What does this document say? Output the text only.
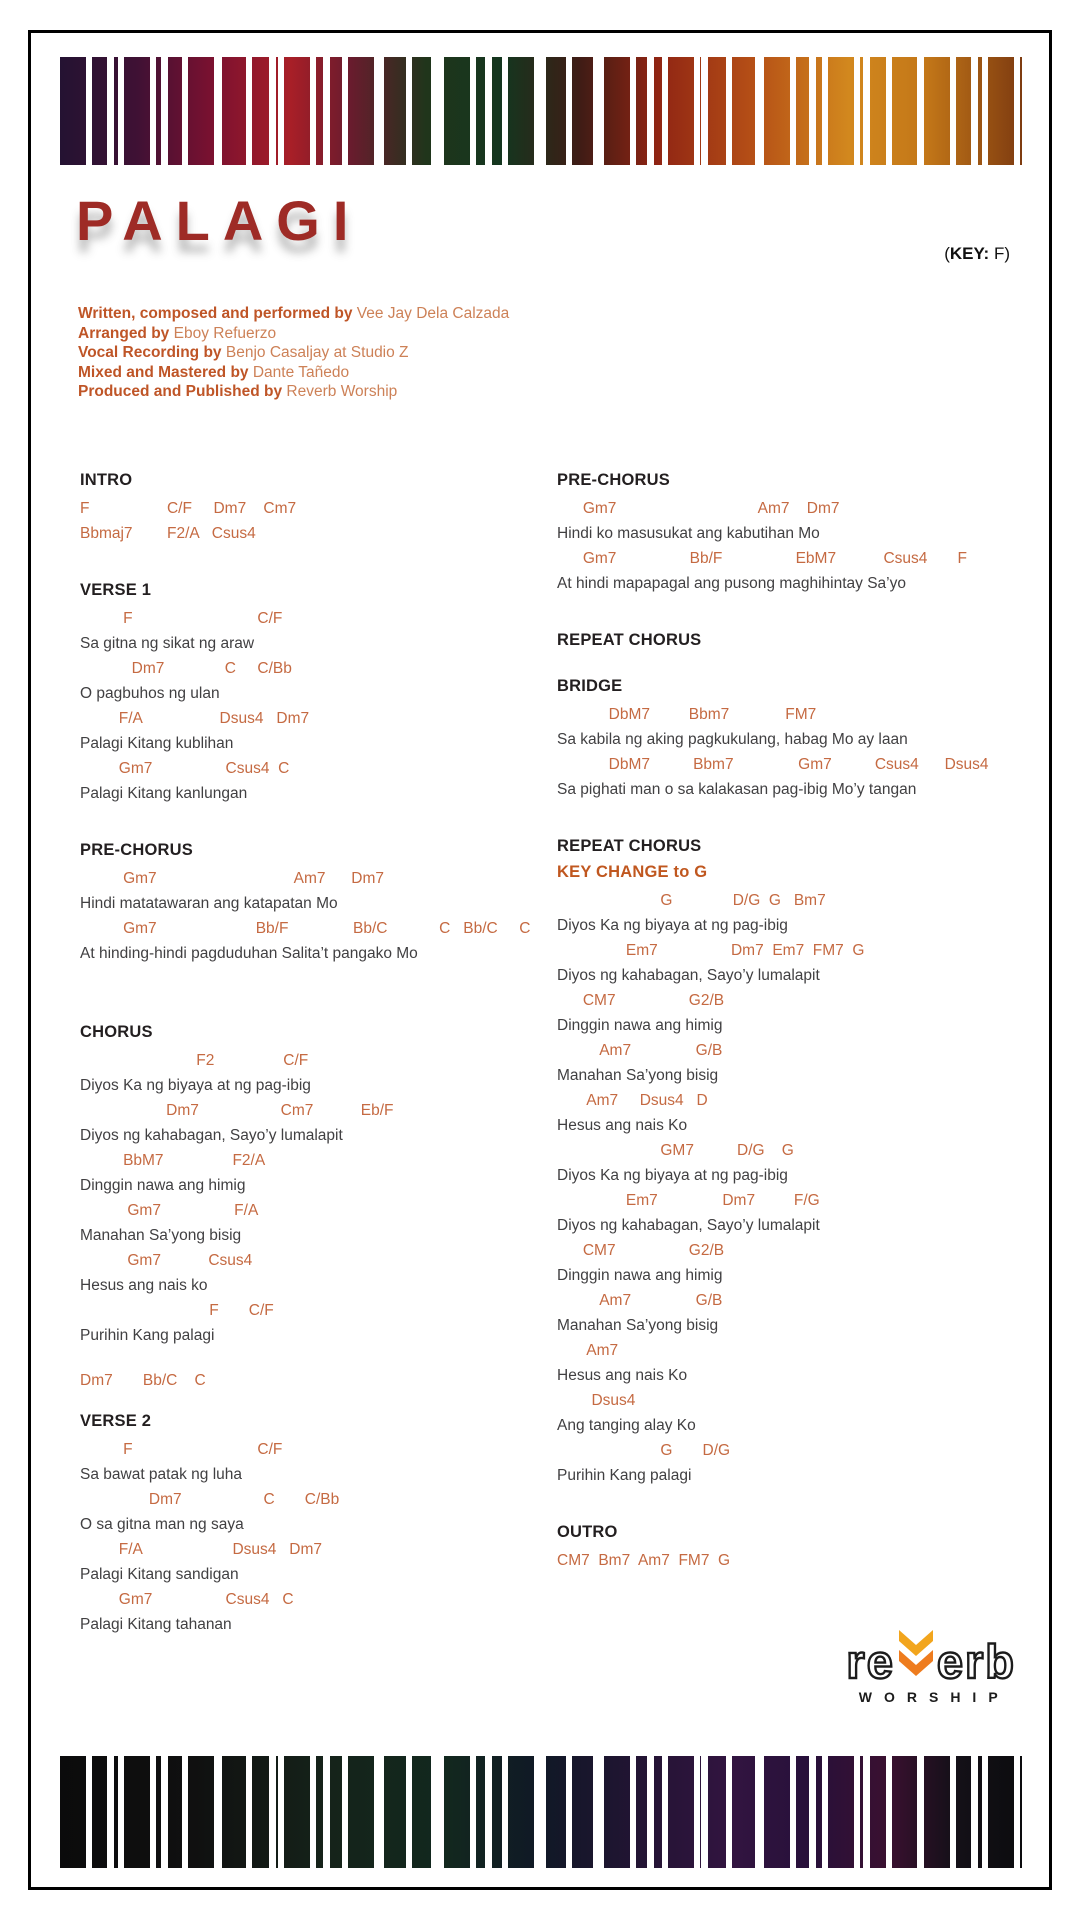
PALAGI
(KEY: F)
Written, composed and performed by Vee Jay Dela Calzada
Arranged by Eboy Refuerzo
Vocal Recording by Benjo Casaljay at Studio Z
Mixed and Mastered by Dante Tañedo
Produced and Published by Reverb Worship
INTRO
F                  C/F     Dm7    Cm7
Bbmaj7        F2/A   Csus4
VERSE 1
F                             C/F
Sa gitna ng sikat ng araw
Dm7              C     C/Bb
O pagbuhos ng ulan
F/A                  Dsus4   Dm7
Palagi Kitang kublihan
Gm7                 Csus4  C
Palagi Kitang kanlungan
PRE-CHORUS
Gm7                                Am7      Dm7
Hindi matatawaran ang katapatan Mo
Gm7                       Bb/F               Bb/C            C   Bb/C     C
At hinding-hindi pagduduhan Salita’t pangako Mo
CHORUS
F2                C/F
Diyos Ka ng biyaya at ng pag-ibig
Dm7                   Cm7           Eb/F
Diyos ng kahabagan, Sayo’y lumalapit
BbM7                F2/A
Dinggin nawa ang himig
Gm7                 F/A
Manahan Sa’yong bisig
Gm7           Csus4
Hesus ang nais ko
F       C/F
Purihin Kang palagi
Dm7       Bb/C    C
VERSE 2
F                             C/F
Sa bawat patak ng luha
Dm7                   C       C/Bb
O sa gitna man ng saya
F/A                     Dsus4   Dm7
Palagi Kitang sandigan
Gm7                 Csus4   C
Palagi Kitang tahanan
PRE-CHORUS
Gm7                                 Am7    Dm7
Hindi ko masusukat ang kabutihan Mo
Gm7                 Bb/F                 EbM7           Csus4       F
At hindi mapapagal ang pusong maghihintay Sa’yo
REPEAT CHORUS
BRIDGE
DbM7         Bbm7             FM7
Sa kabila ng aking pagkukulang, habag Mo ay laan
DbM7          Bbm7               Gm7          Csus4      Dsus4
Sa pighati man o sa kalakasan pag-ibig Mo’y tangan
REPEAT CHORUS
KEY CHANGE to G
G              D/G  G   Bm7
Diyos Ka ng biyaya at ng pag-ibig
Em7                 Dm7  Em7  FM7  G
Diyos ng kahabagan, Sayo’y lumalapit
CM7                 G2/B
Dinggin nawa ang himig
Am7               G/B
Manahan Sa’yong bisig
Am7     Dsus4   D
Hesus ang nais Ko
GM7          D/G    G
Diyos Ka ng biyaya at ng pag-ibig
Em7               Dm7         F/G
Diyos ng kahabagan, Sayo’y lumalapit
CM7                 G2/B
Dinggin nawa ang himig
Am7               G/B
Manahan Sa’yong bisig
Am7
Hesus ang nais Ko
Dsus4
Ang tanging alay Ko
G       D/G
Purihin Kang palagi
OUTRO
CM7  Bm7  Am7  FM7  G
re erb
WORSHIP
